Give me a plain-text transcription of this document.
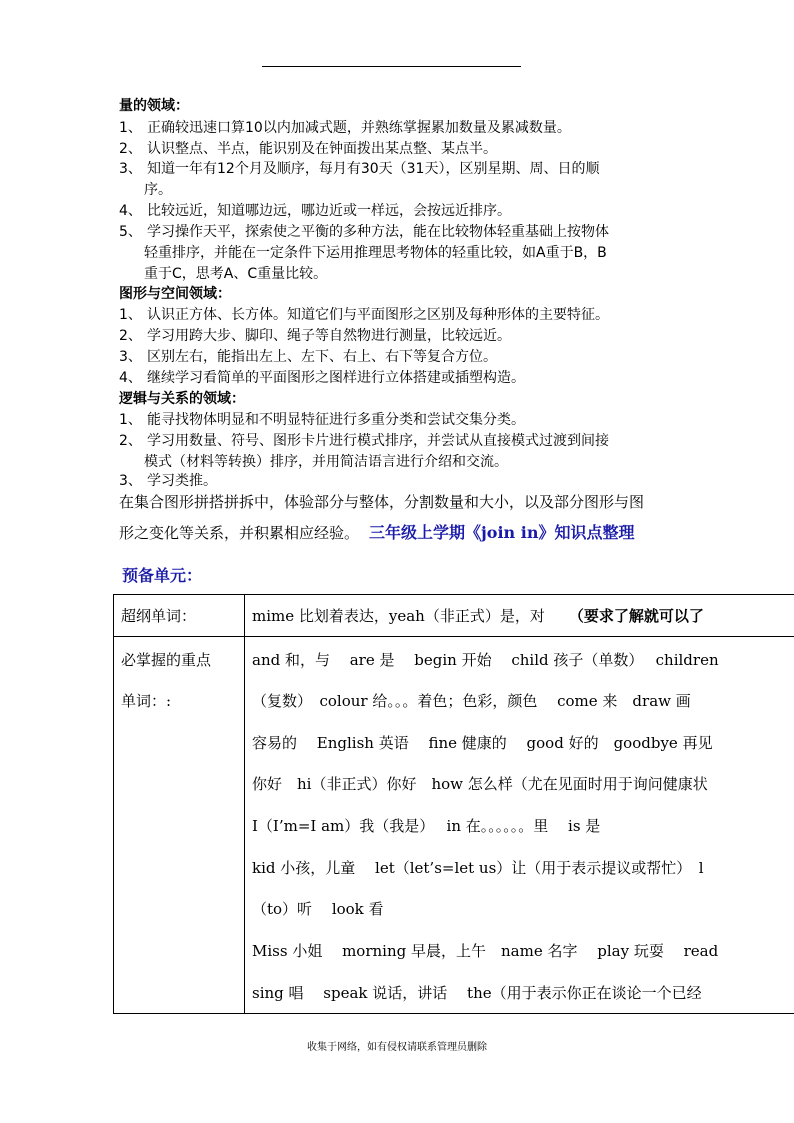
量的领域：
1、 正确较迅速口算10以内加减式题，并熟练掌握累加数量及累减数量。
2、 认识整点、半点，能识别及在钟面拨出某点整、某点半。
3、 知道一年有12个月及顺序，每月有30天（31天），区别星期、周、日的顺
序。
4、 比较远近，知道哪边远，哪边近或一样远，会按远近排序。
5、 学习操作天平，探索使之平衡的多种方法，能在比较物体轻重基础上按物体
轻重排序，并能在一定条件下运用推理思考物体的轻重比较，如A重于B，B
重于C，思考A、C重量比较。
图形与空间领域：
1、 认识正方体、长方体。知道它们与平面图形之区别及每种形体的主要特征。
2、 学习用跨大步、脚印、绳子等自然物进行测量，比较远近。
3、 区别左右，能指出左上、左下、右上、右下等复合方位。
4、 继续学习看简单的平面图形之图样进行立体搭建或插塑构造。
逻辑与关系的领域：
1、 能寻找物体明显和不明显特征进行多重分类和尝试交集分类。
2、 学习用数量、符号、图形卡片进行模式排序，并尝试从直接模式过渡到间接
模式（材料等转换）排序，并用简洁语言进行介绍和交流。
3、 学习类推。
在集合图形拼搭拼拆中，体验部分与整体，分割数量和大小，以及部分图形与图
形之变化等关系，并积累相应经验。 三年级上学期《join in》知识点整理
预备单元：
超纲单词：	mime 比划着表达，yeah（非正式）是，对 （要求了解就可以了
必掌握的重点
单词：:
and 和，与　 are 是　 begin 开始　 child 孩子（单数）　 children
（复数）　colour 给。。。着色；色彩，颜色　 come 来　draw 画
容易的　 English 英语　 fine 健康的　 good 好的　goodbye 再见
你好　hi（非正式）你好　how 怎么样（尤在见面时用于询问健康状
I（I’m=I am）我（我是）　 in 在。。。。。。里　 is 是
kid 小孩，儿童　 let（let’s=let us）让（用于表示提议或帮忙）　l
（to）听　 look 看
Miss 小姐　 morning 早晨，上午　name 名字　 play 玩耍　 read
sing 唱　 speak 说话，讲话　 the（用于表示你正在谈论一个已经
收集于网络，如有侵权请联系管理员删除
